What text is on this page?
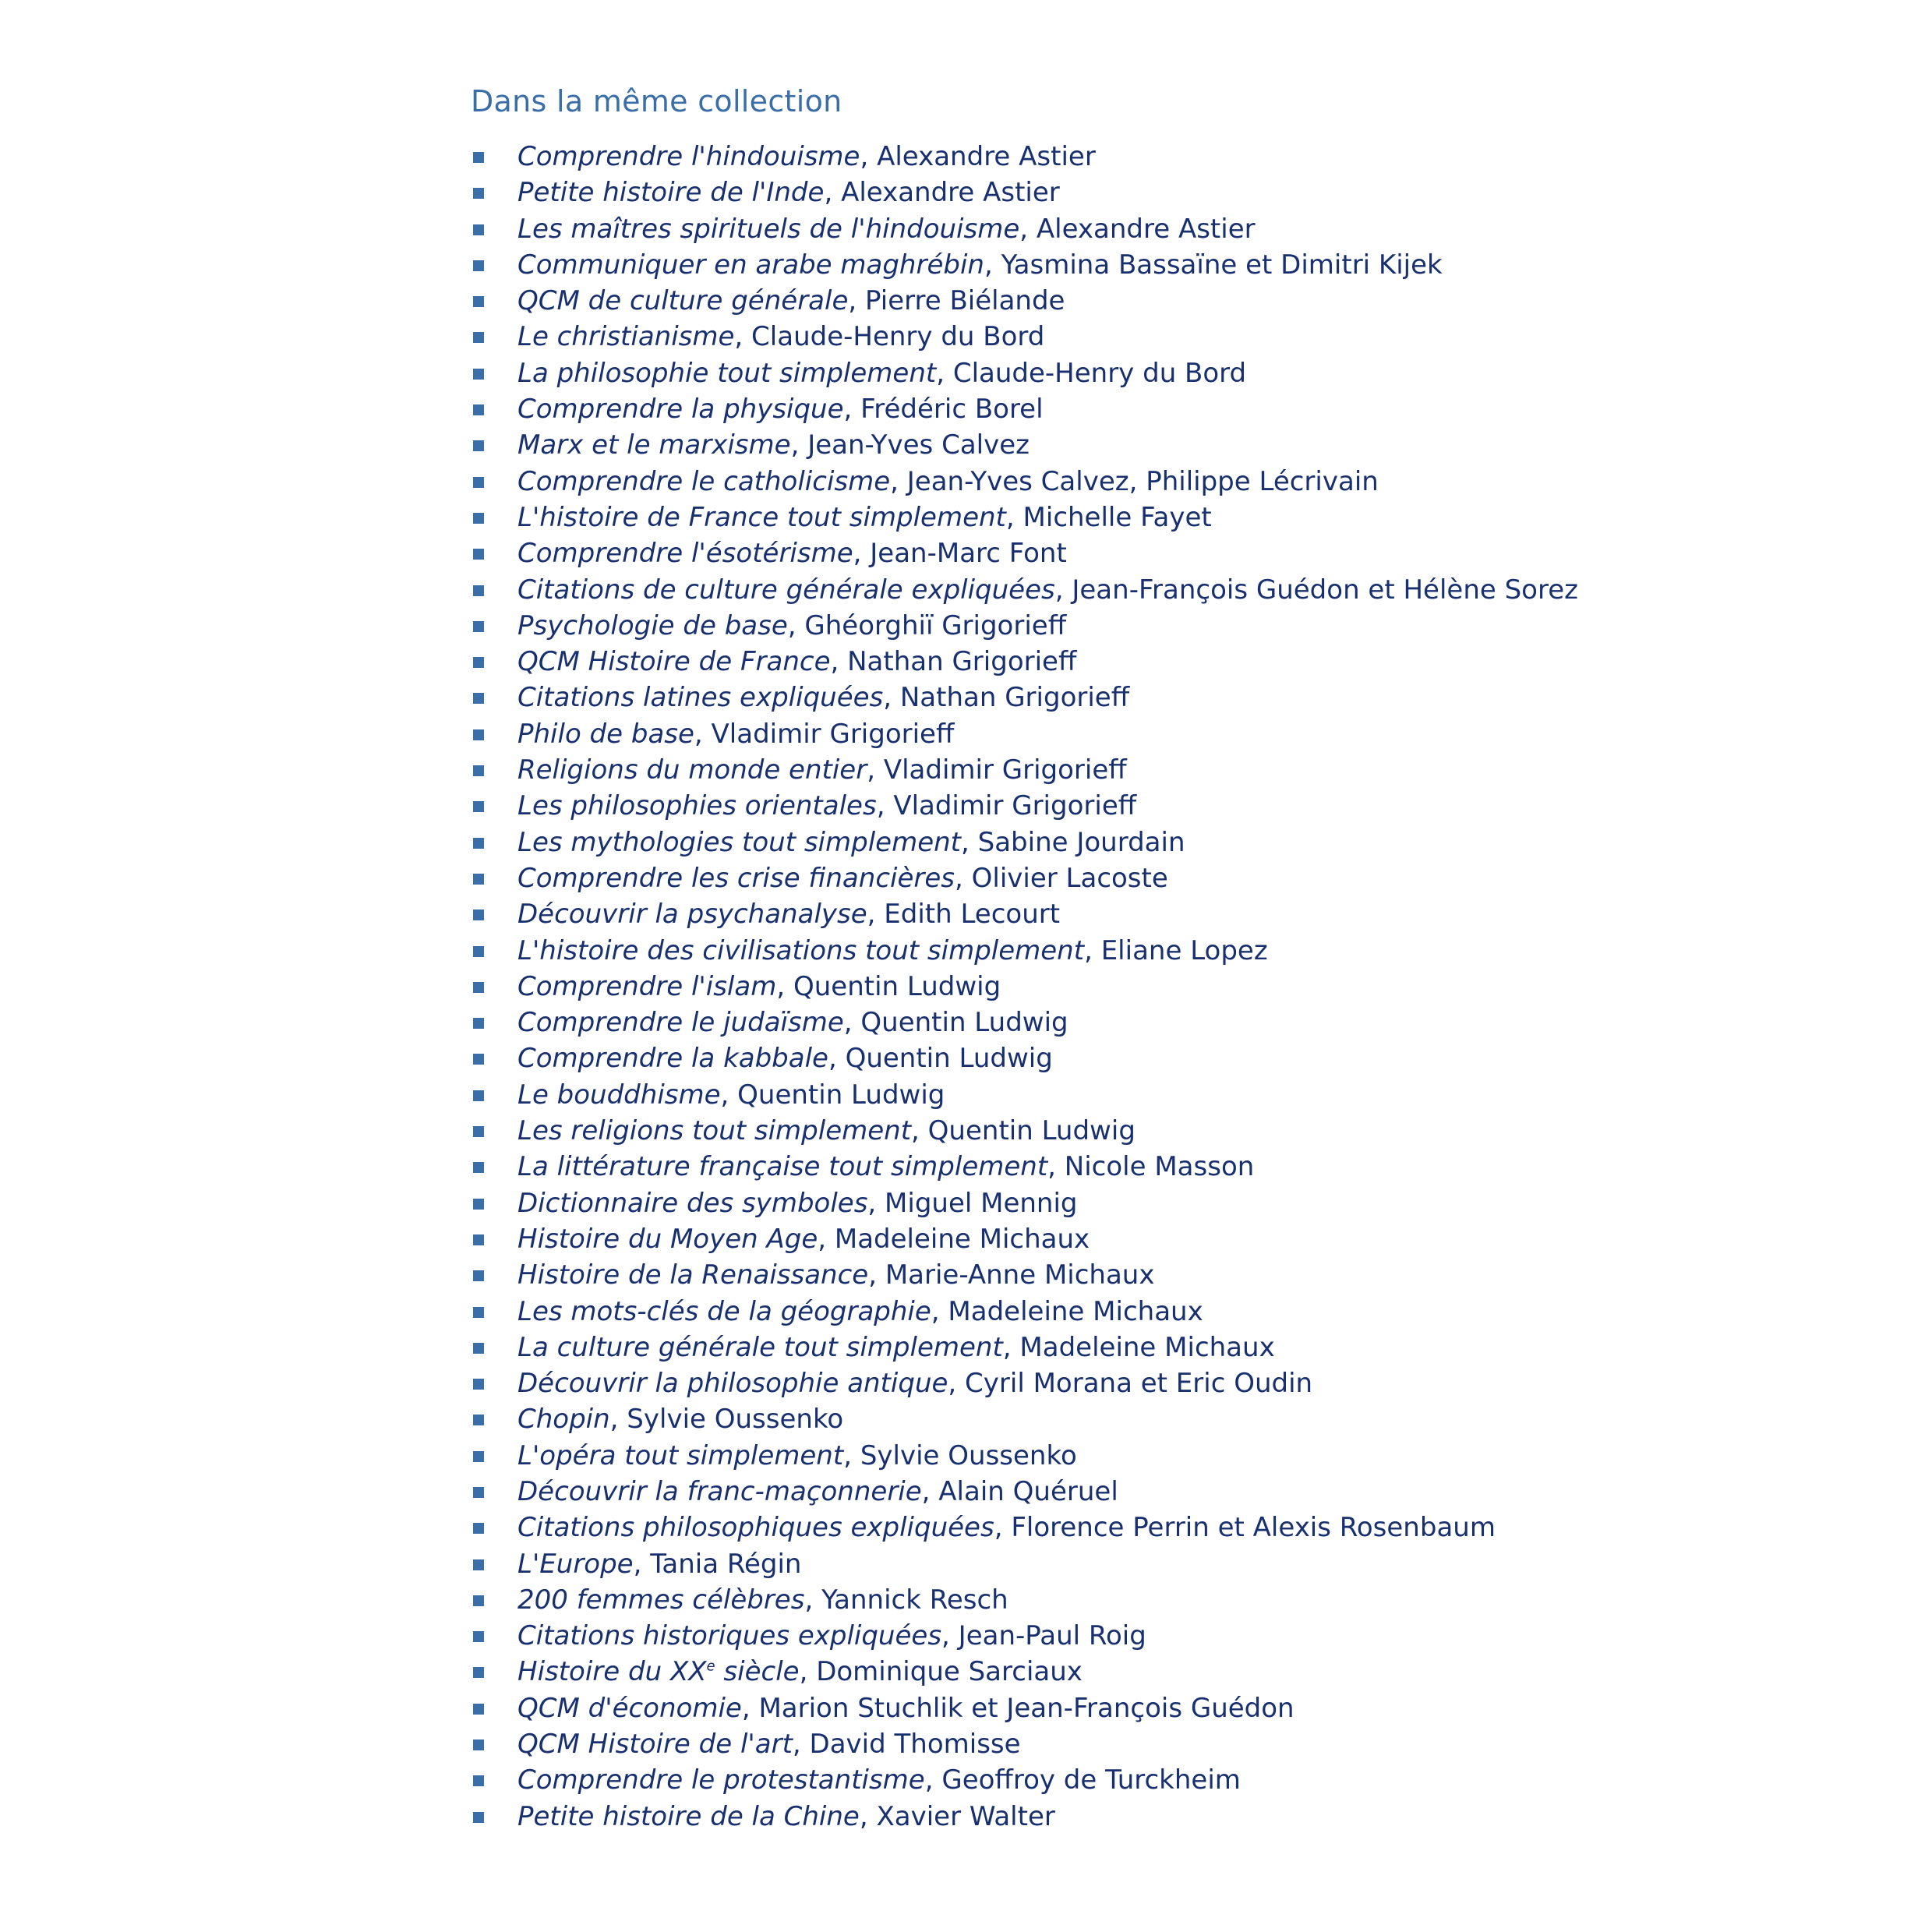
Dans la même collection
Comprendre l'hindouisme, Alexandre Astier
Petite histoire de l'Inde, Alexandre Astier
Les maîtres spirituels de l'hindouisme, Alexandre Astier
Communiquer en arabe maghrébin, Yasmina Bassaïne et Dimitri Kijek
QCM de culture générale, Pierre Biélande
Le christianisme, Claude-Henry du Bord
La philosophie tout simplement, Claude-Henry du Bord
Comprendre la physique, Frédéric Borel
Marx et le marxisme, Jean-Yves Calvez
Comprendre le catholicisme, Jean-Yves Calvez, Philippe Lécrivain
L'histoire de France tout simplement, Michelle Fayet
Comprendre l'ésotérisme, Jean-Marc Font
Citations de culture générale expliquées, Jean-François Guédon et Hélène Sorez
Psychologie de base, Ghéorghiï Grigorieff
QCM Histoire de France, Nathan Grigorieff
Citations latines expliquées, Nathan Grigorieff
Philo de base, Vladimir Grigorieff
Religions du monde entier, Vladimir Grigorieff
Les philosophies orientales, Vladimir Grigorieff
Les mythologies tout simplement, Sabine Jourdain
Comprendre les crise financières, Olivier Lacoste
Découvrir la psychanalyse, Edith Lecourt
L'histoire des civilisations tout simplement, Eliane Lopez
Comprendre l'islam, Quentin Ludwig
Comprendre le judaïsme, Quentin Ludwig
Comprendre la kabbale, Quentin Ludwig
Le bouddhisme, Quentin Ludwig
Les religions tout simplement, Quentin Ludwig
La littérature française tout simplement, Nicole Masson
Dictionnaire des symboles, Miguel Mennig
Histoire du Moyen Age, Madeleine Michaux
Histoire de la Renaissance, Marie-Anne Michaux
Les mots-clés de la géographie, Madeleine Michaux
La culture générale tout simplement, Madeleine Michaux
Découvrir la philosophie antique, Cyril Morana et Eric Oudin
Chopin, Sylvie Oussenko
L'opéra tout simplement, Sylvie Oussenko
Découvrir la franc-maçonnerie, Alain Quéruel
Citations philosophiques expliquées, Florence Perrin et Alexis Rosenbaum
L'Europe, Tania Régin
200 femmes célèbres, Yannick Resch
Citations historiques expliquées, Jean-Paul Roig
Histoire du XXe siècle, Dominique Sarciaux
QCM d'économie, Marion Stuchlik et Jean-François Guédon
QCM Histoire de l'art, David Thomisse
Comprendre le protestantisme, Geoffroy de Turckheim
Petite histoire de la Chine, Xavier Walter
